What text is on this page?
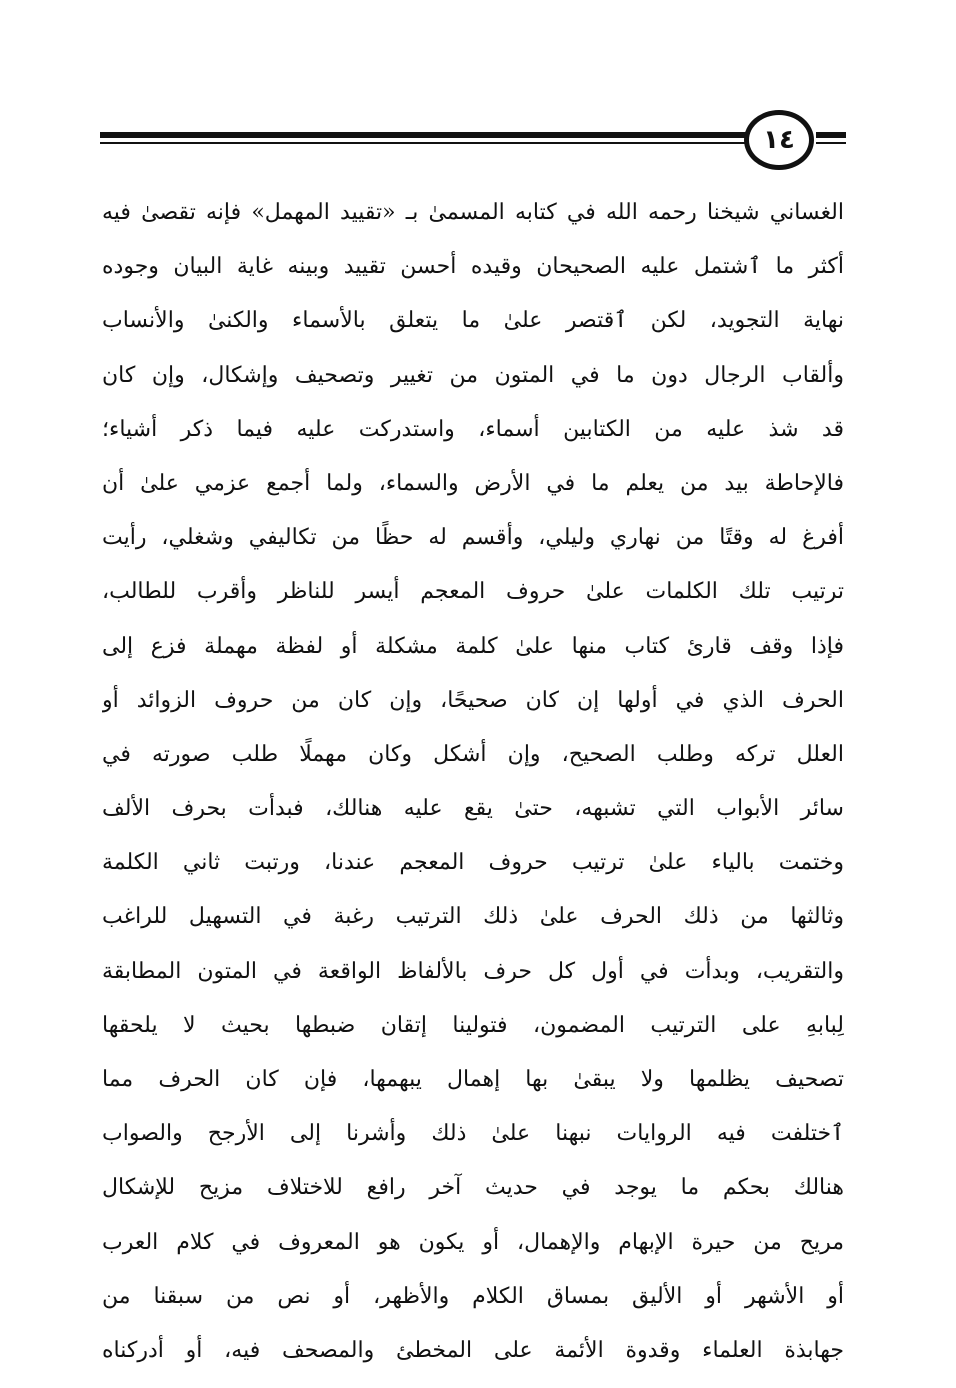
١٤
الغساني شيخنا رحمه الله في كتابه المسمىٰ بـ «تقييد المهمل» فإنه تقصىٰ فيه
أكثر ما ٱشتمل عليه الصحيحان وقيده أحسن تقييد وبينه غاية البيان وجوده
نهاية التجويد، لكن ٱقتصر علىٰ ما يتعلق بالأسماء والكنىٰ والأنساب
وألقاب الرجال دون ما في المتون من تغيير وتصحيف وإشكال، وإن كان
قد شذ عليه من الكتابين أسماء، واستدركت عليه فيما ذكر أشياء؛
فالإحاطة بيد من يعلم ما في الأرض والسماء، ولما أجمع عزمي علىٰ أن
أفرغ له وقتًا من نهاري وليلي، وأقسم له حظًا من تكاليفي وشغلي، رأيت
ترتيب تلك الكلمات علىٰ حروف المعجم أيسر للناظر وأقرب للطالب،
فإذا وقف قارئ كتاب منها علىٰ كلمة مشكلة أو لفظة مهملة فزع إلى
الحرف الذي في أولها إن كان صحيحًا، وإن كان من حروف الزوائد أو
العلل تركه وطلب الصحيح، وإن أشكل وكان مهملًا طلب صورته في
سائر الأبواب التي تشبهه، حتىٰ يقع عليه هنالك، فبدأت بحرف الألف
وختمت بالياء علىٰ ترتيب حروف المعجم عندنا، ورتبت ثاني الكلمة
وثالثها من ذلك الحرف علىٰ ذلك الترتيب رغبة في التسهيل للراغب
والتقريب، وبدأت في أول كل حرف بالألفاظ الواقعة في المتون المطابقة
لِبابهِ على الترتيب المضمون، فتولينا إتقان ضبطها بحيث لا يلحقها
تصحيف يظلمها ولا يبقىٰ بها إهمال يبهمها، فإن كان الحرف مما
ٱختلفت فيه الروايات نبهنا علىٰ ذلك وأشرنا إلى الأرجح والصواب
هنالك بحكم ما يوجد في حديث آخر رافع للاختلاف مزيح للإشكال
مريح من حيرة الإبهام والإهمال، أو يكون هو المعروف في كلام العرب
أو الأشهر أو الأليق بمساق الكلام والأظهر، أو نص من سبقنا من
جهابذة العلماء وقدوة الأئمة على المخطئ والمصحف فيه، أو أدركناه
